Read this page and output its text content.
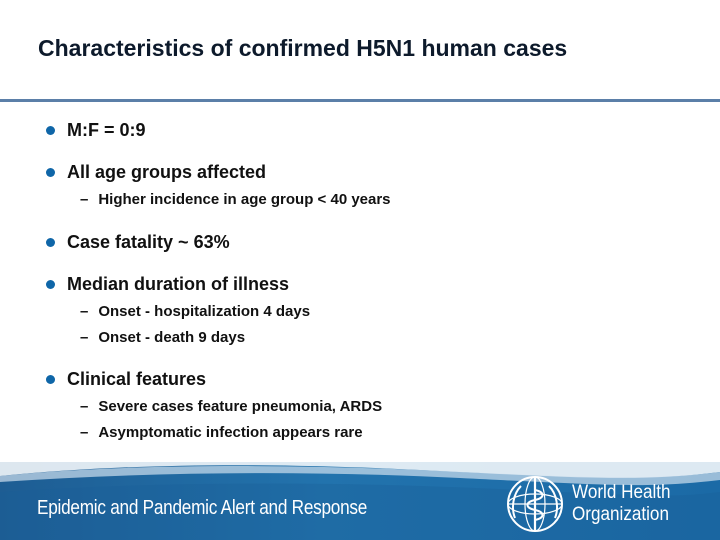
Characteristics of confirmed H5N1 human cases
M:F = 0:9
All age groups affected
– Higher incidence in age group < 40 years
Case fatality ~ 63%
Median duration of illness
– Onset - hospitalization 4 days
– Onset - death 9 days
Clinical features
– Severe cases feature pneumonia, ARDS
– Asymptomatic infection appears rare
Epidemic and Pandemic Alert and Response
World Health
Organization
